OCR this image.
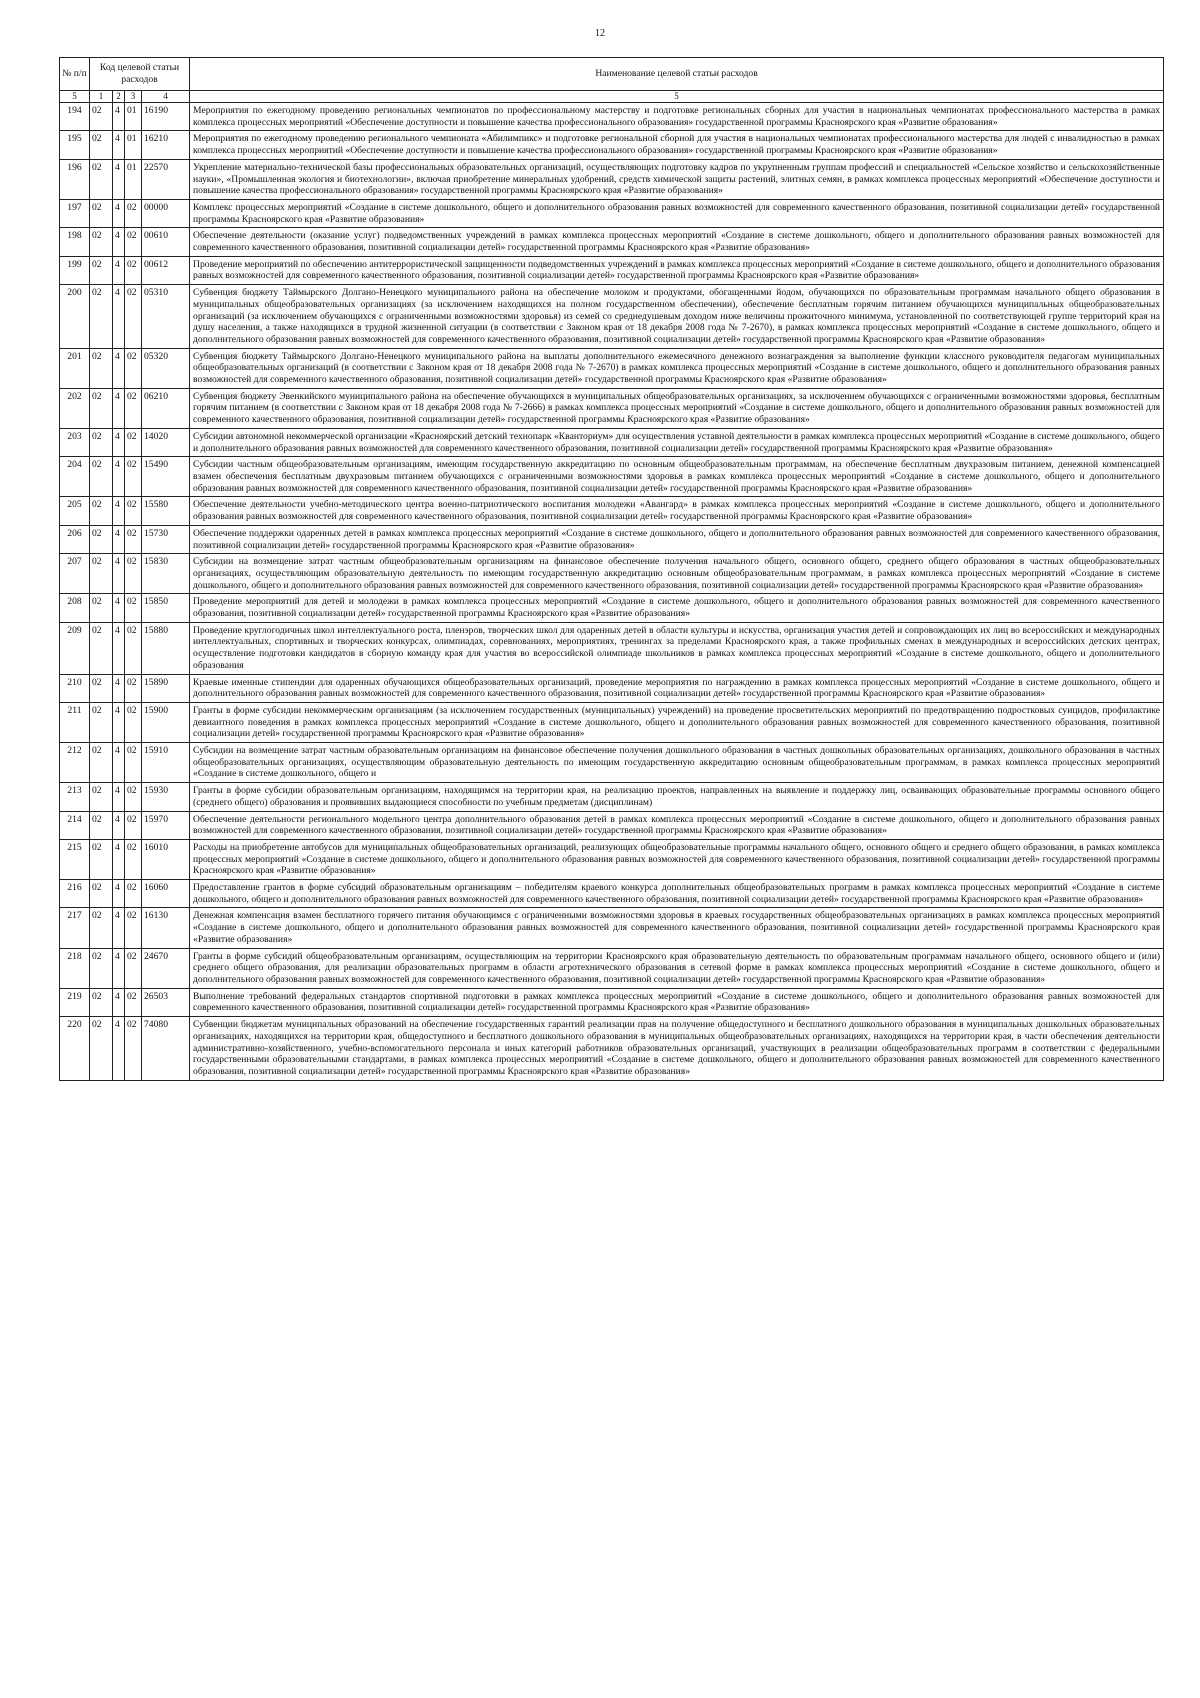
12
№ п/п	Код целевой статьи расходов				Наименование целевой статьи расходов

5	1	2	3	4	5
194	02	4	01	16190	Мероприятия по ежегодному проведению региональных чемпионатов по профессиональному мастерству и подготовке региональных сборных для участия в национальных чемпионатах профессионального мастерства в рамках комплекса процессных мероприятий «Обеспечение доступности и повышение качества профессионального образования» государственной программы Красноярского края «Развитие образования»
195	02	4	01	16210	Мероприятия по ежегодному проведению регионального чемпионата «Абилимпикс» и подготовке региональной сборной для участия в национальных чемпионатах профессионального мастерства для людей с инвалидностью в рамках комплекса процессных мероприятий «Обеспечение доступности и повышение качества профессионального образования» государственной программы Красноярского края «Развитие образования»
196	02	4	01	22570	Укрепление материально-технической базы профессиональных образовательных организаций, осуществляющих подготовку кадров по укрупненным группам профессий и специальностей «Сельское хозяйство и сельскохозяйственные науки», «Промышленная экология и биотехнологии», включая приобретение минеральных удобрений, средств химической защиты растений, элитных семян, в рамках комплекса процессных мероприятий «Обеспечение доступности и повышение качества профессионального образования» государственной программы Красноярского края «Развитие образования»
197	02	4	02	00000	Комплекс процессных мероприятий «Создание в системе дошкольного, общего и дополнительного образования равных возможностей для современного качественного образования, позитивной социализации детей» государственной программы Красноярского края «Развитие образования»
198	02	4	02	00610	Обеспечение деятельности (оказание услуг) подведомственных учреждений в рамках комплекса процессных мероприятий «Создание в системе дошкольного, общего и дополнительного образования равных возможностей для современного качественного образования, позитивной социализации детей» государственной программы Красноярского края «Развитие образования»
199	02	4	02	00612	Проведение мероприятий по обеспечению антитеррористической защищенности подведомственных учреждений в рамках комплекса процессных мероприятий «Создание в системе дошкольного, общего и дополнительного образования равных возможностей для современного качественного образования, позитивной социализации детей» государственной программы Красноярского края «Развитие образования»
200	02	4	02	05310	Субвенция бюджету Таймырского Долгано-Ненецкого муниципального района на обеспечение молоком и продуктами, обогащенными йодом, обучающихся по образовательным программам начального общего образования в муниципальных общеобразовательных организациях (за исключением находящихся на полном государственном обеспечении), обеспечение бесплатным горячим питанием обучающихся муниципальных общеобразовательных организаций (за исключением обучающихся с ограниченными возможностями здоровья) из семей со среднедушевым доходом ниже величины прожиточного минимума, установленной по соответствующей группе территорий края на душу населения, а также находящихся в трудной жизненной ситуации (в соответствии с Законом края от 18 декабря 2008 года № 7-2670), в рамках комплекса процессных мероприятий «Создание в системе дошкольного, общего и дополнительного образования равных возможностей для современного качественного образования, позитивной социализации детей» государственной программы Красноярского края «Развитие образования»
201	02	4	02	05320	Субвенция бюджету Таймырского Долгано-Ненецкого муниципального района на выплаты дополнительного ежемесячного денежного вознаграждения за выполнение функции классного руководителя педагогам муниципальных общеобразовательных организаций (в соответствии с Законом края от 18 декабря 2008 года № 7-2670) в рамках комплекса процессных мероприятий «Создание в системе дошкольного, общего и дополнительного образования равных возможностей для современного качественного образования, позитивной социализации детей» государственной программы Красноярского края «Развитие образования»
202	02	4	02	06210	Субвенция бюджету Эвенкийского муниципального района на обеспечение обучающихся в муниципальных общеобразовательных организациях, за исключением обучающихся с ограниченными возможностями здоровья, бесплатным горячим питанием (в соответствии с Законом края от 18 декабря 2008 года № 7-2666) в рамках комплекса процессных мероприятий «Создание в системе дошкольного, общего и дополнительного образования равных возможностей для современного качественного образования, позитивной социализации детей» государственной программы Красноярского края «Развитие образования»
203	02	4	02	14020	Субсидии автономной некоммерческой организации «Красноярский детский технопарк «Кванториум» для осуществления уставной деятельности в рамках комплекса процессных мероприятий «Создание в системе дошкольного, общего и дополнительного образования равных возможностей для современного качественного образования, позитивной социализации детей» государственной программы Красноярского края «Развитие образования»
204	02	4	02	15490	Субсидии частным общеобразовательным организациям, имеющим государственную аккредитацию по основным общеобразовательным программам, на обеспечение бесплатным двухразовым питанием, денежной компенсацией взамен обеспечения бесплатным двухразовым питанием обучающихся с ограниченными возможностями здоровья в рамках комплекса процессных мероприятий «Создание в системе дошкольного, общего и дополнительного образования равных возможностей для современного качественного образования, позитивной социализации детей» государственной программы Красноярского края «Развитие образования»
205	02	4	02	15580	Обеспечение деятельности учебно-методического центра военно-патриотического воспитания молодежи «Авангард» в рамках комплекса процессных мероприятий «Создание в системе дошкольного, общего и дополнительного образования равных возможностей для современного качественного образования, позитивной социализации детей» государственной программы Красноярского края «Развитие образования»
206	02	4	02	15730	Обеспечение поддержки одаренных детей в рамках комплекса процессных мероприятий «Создание в системе дошкольного, общего и дополнительного образования равных возможностей для современного качественного образования, позитивной социализации детей» государственной программы Красноярского края «Развитие образования»
207	02	4	02	15830	Субсидии на возмещение затрат частным общеобразовательным организациям на финансовое обеспечение получения начального общего, основного общего, среднего общего образования в частных общеобразовательных организациях, осуществляющим образовательную деятельность по имеющим государственную аккредитацию основным общеобразовательным программам, в рамках комплекса процессных мероприятий «Создание в системе дошкольного, общего и дополнительного образования равных возможностей для современного качественного образования, позитивной социализации детей» государственной программы Красноярского края «Развитие образования»
208	02	4	02	15850	Проведение мероприятий для детей и молодежи в рамках комплекса процессных мероприятий «Создание в системе дошкольного, общего и дополнительного образования равных возможностей для современного качественного образования, позитивной социализации детей» государственной программы Красноярского края «Развитие образования»
209	02	4	02	15880	Проведение круглогодичных школ интеллектуального роста, пленэров, творческих школ для одаренных детей в области культуры и искусства, организация участия детей и сопровождающих их лиц во всероссийских и международных интеллектуальных, спортивных и творческих конкурсах, олимпиадах, соревнованиях, мероприятиях, тренингах за пределами Красноярского края, а также профильных сменах в международных и всероссийских детских центрах, осуществление подготовки кандидатов в сборную команду края для участия во всероссийской олимпиаде школьников в рамках комплекса процессных мероприятий «Создание в системе дошкольного, общего и дополнительного образования
210	02	4	02	15890	Краевые именные стипендии для одаренных обучающихся общеобразовательных организаций, проведение мероприятия по награждению в рамках комплекса процессных мероприятий «Создание в системе дошкольного, общего и дополнительного образования равных возможностей для современного качественного образования, позитивной социализации детей» государственной программы Красноярского края «Развитие образования»
211	02	4	02	15900	Гранты в форме субсидии некоммерческим организациям (за исключением государственных (муниципальных) учреждений) на проведение просветительских мероприятий по предотвращению подростковых суицидов, профилактике девиантного поведения в рамках комплекса процессных мероприятий «Создание в системе дошкольного, общего и дополнительного образования равных возможностей для современного качественного образования, позитивной социализации детей» государственной программы Красноярского края «Развитие образования»
212	02	4	02	15910	Субсидии на возмещение затрат частным образовательным организациям на финансовое обеспечение получения дошкольного образования в частных дошкольных образовательных организациях, дошкольного образования в частных общеобразовательных организациях, осуществляющим образовательную деятельность по имеющим государственную аккредитацию основным общеобразовательным программам, в рамках комплекса процессных мероприятий «Создание в системе дошкольного, общего и
213	02	4	02	15930	Гранты в форме субсидии образовательным организациям, находящимся на территории края, на реализацию проектов, направленных на выявление и поддержку лиц, осваивающих образовательные программы основного общего (среднего общего) образования и проявивших выдающиеся способности по учебным предметам (дисциплинам)
214	02	4	02	15970	Обеспечение деятельности регионального модельного центра дополнительного образования детей в рамках комплекса процессных мероприятий «Создание в системе дошкольного, общего и дополнительного образования равных возможностей для современного качественного образования, позитивной социализации детей» государственной программы Красноярского края «Развитие образования»
215	02	4	02	16010	Расходы на приобретение автобусов для муниципальных общеобразовательных организаций, реализующих общеобразовательные программы начального общего, основного общего и среднего общего образования, в рамках комплекса процессных мероприятий «Создание в системе дошкольного, общего и дополнительного образования равных возможностей для современного качественного образования, позитивной социализации детей» государственной программы Красноярского края «Развитие образования»
216	02	4	02	16060	Предоставление грантов в форме субсидий образовательным организациям – победителям краевого конкурса дополнительных общеобразовательных программ в рамках комплекса процессных мероприятий «Создание в системе дошкольного, общего и дополнительного образования равных возможностей для современного качественного образования, позитивной социализации детей» государственной программы Красноярского края «Развитие образования»
217	02	4	02	16130	Денежная компенсация взамен бесплатного горячего питания обучающимся с ограниченными возможностями здоровья в краевых государственных общеобразовательных организациях в рамках комплекса процессных мероприятий «Создание в системе дошкольного, общего и дополнительного образования равных возможностей для современного качественного образования, позитивной социализации детей» государственной программы Красноярского края «Развитие образования»
218	02	4	02	24670	Гранты в форме субсидий общеобразовательным организациям, осуществляющим на территории Красноярского края образовательную деятельность по образовательным программам начального общего, основного общего и (или) среднего общего образования, для реализации образовательных программ в области агротехнического образования в сетевой форме в рамках комплекса процессных мероприятий «Создание в системе дошкольного, общего и дополнительного образования равных возможностей для современного качественного образования, позитивной социализации детей» государственной программы Красноярского края «Развитие образования»
219	02	4	02	26503	Выполнение требований федеральных стандартов спортивной подготовки в рамках комплекса процессных мероприятий «Создание в системе дошкольного, общего и дополнительного образования равных возможностей для современного качественного образования, позитивной социализации детей» государственной программы Красноярского края «Развитие образования»
220	02	4	02	74080	Субвенции бюджетам муниципальных образований на обеспечение государственных гарантий реализации прав на получение общедоступного и бесплатного дошкольного образования в муниципальных дошкольных образовательных организациях, находящихся на территории края, общедоступного и бесплатного дошкольного образования в муниципальных общеобразовательных организациях, находящихся на территории края, в части обеспечения деятельности административно-хозяйственного, учебно-вспомогательного персонала и иных категорий работников образовательных организаций, участвующих в реализации общеобразовательных программ в соответствии с федеральными государственными образовательными стандартами, в рамках комплекса процессных мероприятий «Создание в системе дошкольного, общего и дополнительного образования равных возможностей для современного качественного образования, позитивной социализации детей» государственной программы Красноярского края «Развитие образования»
